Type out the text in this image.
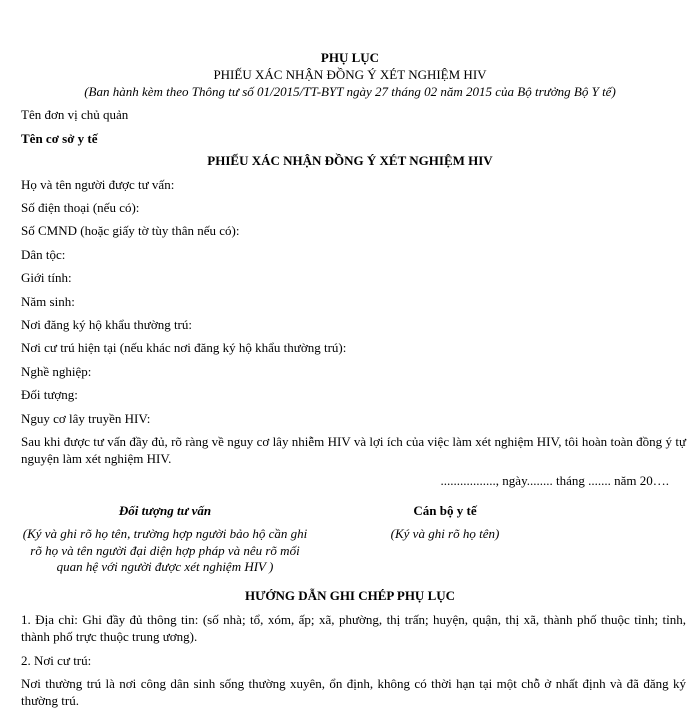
PHỤ LỤC
PHIẾU XÁC NHẬN ĐỒNG Ý XÉT NGHIỆM HIV
(Ban hành kèm theo Thông tư số 01/2015/TT-BYT ngày 27 tháng 02 năm 2015 của Bộ trưởng Bộ Y tế)
Tên đơn vị chủ quản
Tên cơ sở y tế
PHIẾU XÁC NHẬN ĐỒNG Ý XÉT NGHIỆM HIV
Họ và tên người được tư vấn:
Số điện thoại (nếu có):
Số CMND (hoặc giấy tờ tùy thân nếu có):
Dân tộc:
Giới tính:
Năm sinh:
Nơi đăng ký hộ khẩu thường trú:
Nơi cư trú hiện tại (nếu khác nơi đăng ký hộ khẩu thường trú):
Nghề nghiệp:
Đối tượng:
Nguy cơ lây truyền HIV:
Sau khi được tư vấn đầy đủ, rõ ràng về nguy cơ lây nhiễm HIV và lợi ích của việc làm xét nghiệm HIV, tôi hoàn toàn đồng ý tự nguyện làm xét nghiệm HIV.
................., ngày........ tháng ....... năm 20….
Đối tượng tư vấn
(Ký và ghi rõ họ tên, trường hợp người bảo hộ cần ghi rõ họ và tên người đại diện hợp pháp và nêu rõ mối quan hệ với người được xét nghiệm HIV )
Cán bộ y tế
(Ký và ghi rõ họ tên)
HƯỚNG DẪN GHI CHÉP PHỤ LỤC
1. Địa chỉ: Ghi đầy đủ thông tin: (số nhà; tổ, xóm, ấp; xã, phường, thị trấn; huyện, quận, thị xã, thành phố thuộc tỉnh; tỉnh, thành phố trực thuộc trung ương).
2. Nơi cư trú:
Nơi thường trú là nơi công dân sinh sống thường xuyên, ổn định, không có thời hạn tại một chỗ ở nhất định và đã đăng ký thường trú.
